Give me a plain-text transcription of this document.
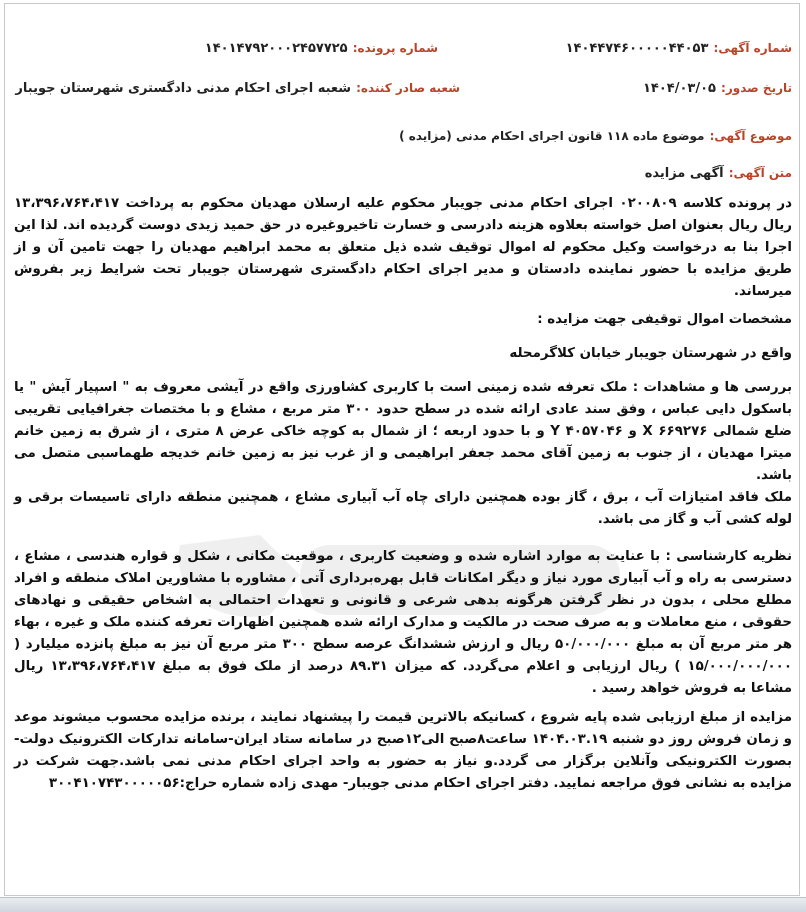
شماره آگهی: ۱۴۰۴۴۷۴۶۰۰۰۰۰۴۴۰۵۳
شماره پرونده: ۱۴۰۱۴۷۹۲۰۰۰۲۴۵۷۷۲۵
تاریخ صدور: ۱۴۰۴/۰۳/۰۵
شعبه صادر کننده: شعبه اجرای احکام مدنی دادگستری شهرستان جویبار
موضوع آگهی: موضوع ماده ۱۱۸ قانون اجرای احکام مدنی (مزایده )
متن آگهی: آگهی مزایده
در پرونده کلاسه ۰۲۰۰۸۰۹ اجرای احکام مدنی جویبار محکوم علیه ارسلان مهدیان محکوم به پرداخت ۱۳،۳۹۶،۷۶۴،۴۱۷ ریال ریال بعنوان اصل خواسته بعلاوه هزینه دادرسی و خسارت تاخیروغیره در حق حمید زیدی دوست گردیده اند. لذا این اجرا بنا به درخواست وکیل محکوم له اموال توقیف شده ذیل متعلق به محمد ابراهیم مهدیان را جهت تامین آن و از طریق مزایده با حضور نماینده دادستان و مدیر اجرای احکام دادگستری شهرستان جویبار تحت شرایط زیر بفروش میرساند.
مشخصات اموال توقیفی جهت مزایده :
واقع در شهرستان جویبار خیابان کلاگرمحله
بررسی ها و مشاهدات : ملک تعرفه شده زمینی است با کاربری کشاورزی واقع در آیشی معروف به " اسپیار آیش " یا باسکول دایی عباس ، وفق سند عادی ارائه شده در سطح حدود ۳۰۰ متر مربع ، مشاع و با مختصات جغرافیایی تقریبی ضلع شمالی X ۶۶۹۲۷۶ و Y ۴۰۵۷۰۴۶ و با حدود اربعه ؛ از شمال به کوچه خاکی عرض ۸ متری ، از شرق به زمین خانم میترا مهدیان ، از جنوب به زمین آقای محمد جعفر ابراهیمی و از غرب نیز به زمین خانم خدیجه طهماسبی متصل می باشد.
ملک فاقد امتیازات آب ، برق ، گاز بوده همچنین دارای چاه آب آبیاری مشاع ، همچنین منطقه دارای تاسیسات برقی و لوله کشی آب و گاز می باشد.
نظریه کارشناسی : با عنایت به موارد اشاره شده و وضعیت کاربری ، موقعیت مکانی ، شکل و قواره هندسی ، مشاع ، دسترسی به راه و آب آبیاری مورد نیاز و دیگر امکانات قابل بهره‌برداری آتی ، مشاوره با مشاورین املاک منطقه و افراد مطلع محلی ، بدون در نظر گرفتن هرگونه بدهی شرعی و قانونی و تعهدات احتمالی به اشخاص حقیقی و نهادهای حقوقی ، منع معاملات و به صرف صحت در مالکیت و مدارک ارائه شده همچنین اظهارات تعرفه کننده ملک و غیره ، بهاء هر متر مربع آن به مبلغ ۵۰/۰۰۰/۰۰۰ ریال و ارزش ششدانگ عرصه سطح ۳۰۰ متر مربع آن نیز به مبلغ پانزده میلیارد ( ۱۵/۰۰۰/۰۰۰/۰۰۰ ) ریال ارزیابی و اعلام می‌گردد. که میزان ۸۹.۳۱ درصد از ملک فوق به مبلغ ۱۳،۳۹۶،۷۶۴،۴۱۷ ریال مشاعا به فروش خواهد رسید .
مزایده از مبلغ ارزیابی شده پایه شروع ، کسانیکه بالاترین قیمت را پیشنهاد نمایند ، برنده مزایده محسوب میشوند موعد و زمان فروش روز دو شنبه ۱۴۰۴.۰۳.۱۹ ساعت۸صبح الی۱۲صبح در سامانه ستاد ایران-سامانه تدارکات الکترونیک دولت-بصورت الکترونیکی وآنلاین برگزار می گردد.و نیاز به حضور به واحد اجرای احکام مدنی نمی باشد.جهت شرکت در مزایده به نشانی فوق مراجعه نمایید. دفتر اجرای احکام مدنی جویبار- مهدی زاده شماره حراج:۳۰۰۴۱۰۷۴۳۰۰۰۰۰۵۶
